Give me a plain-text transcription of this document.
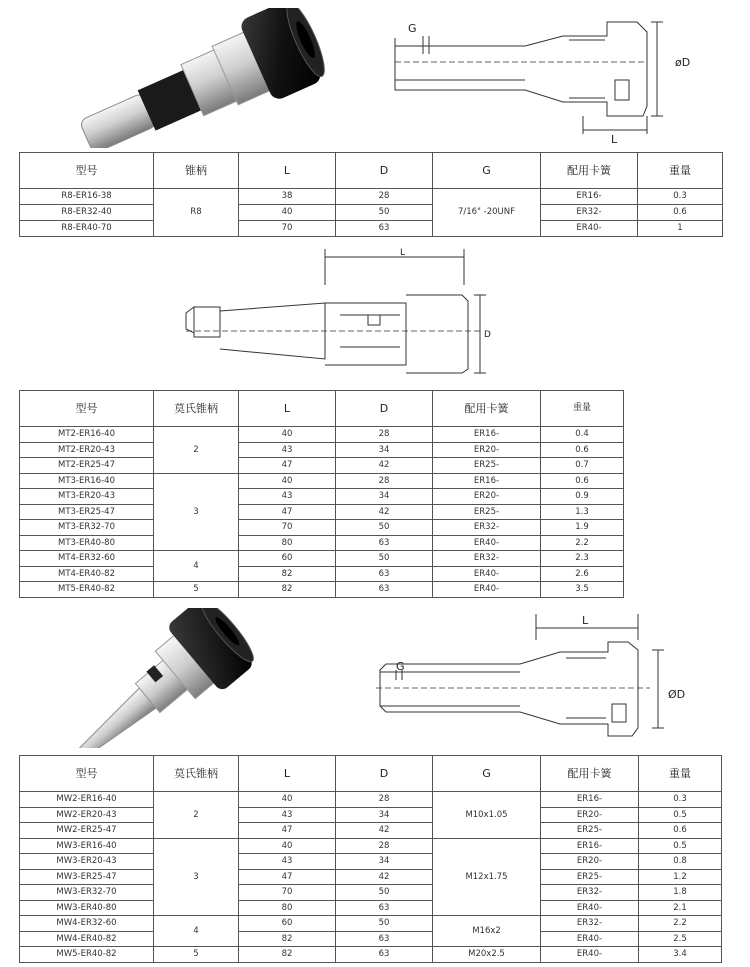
G
øD
L
型号	锥柄	L	D	G	配用卡簧	重量
R8-ER16-38	R8	38	28	7/16" -20UNF	ER16-	0.3
R8-ER32-40		40	50		ER32-	0.6
R8-ER40-70		70	63		ER40-	1
L
D
型号	莫氏锥柄	L	D	配用卡簧	重量
MT2-ER16-40	2	40	28	ER16-	0.4
MT2-ER20-43		43	34	ER20-	0.6
MT2-ER25-47		47	42	ER25-	0.7
MT3-ER16-40	3	40	28	ER16-	0.6
MT3-ER20-43		43	34	ER20-	0.9
MT3-ER25-47		47	42	ER25-	1.3
MT3-ER32-70		70	50	ER32-	1.9
MT3-ER40-80		80	63	ER40-	2.2
MT4-ER32-60	4	60	50	ER32-	2.3
MT4-ER40-82		82	63	ER40-	2.6
MT5-ER40-82	5	82	63	ER40-	3.5
L
G
ØD
型号	莫氏锥柄	L	D	G	配用卡簧	重量
MW2-ER16-40	2	40	28	M10x1.05	ER16-	0.3
MW2-ER20-43		43	34		ER20-	0.5
MW2-ER25-47		47	42		ER25-	0.6
MW3-ER16-40	3	40	28	M12x1.75	ER16-	0.5
MW3-ER20-43		43	34		ER20-	0.8
MW3-ER25-47		47	42		ER25-	1.2
MW3-ER32-70		70	50		ER32-	1.8
MW3-ER40-80		80	63		ER40-	2.1
MW4-ER32-60	4	60	50	M16x2	ER32-	2.2
MW4-ER40-82		82	63		ER40-	2.5
MW5-ER40-82	5	82	63	M20x2.5	ER40-	3.4
